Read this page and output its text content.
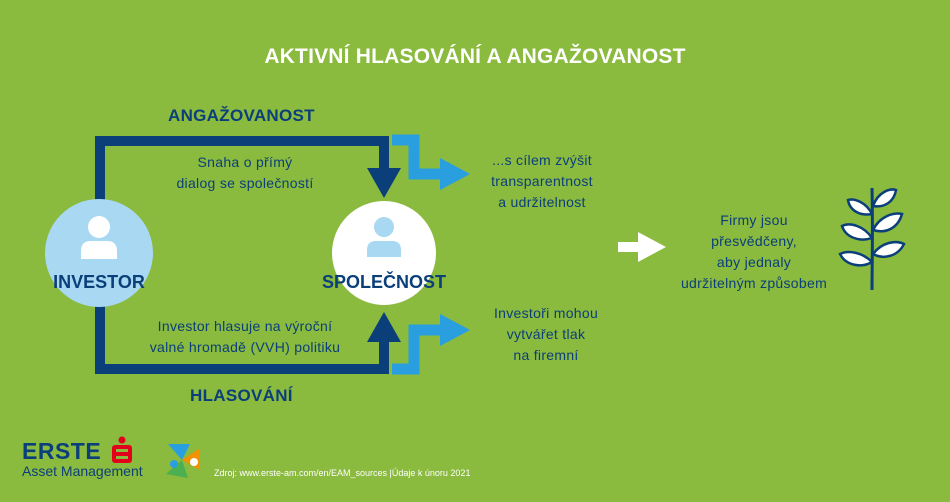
AKTIVNÍ HLASOVÁNÍ A ANGAŽOVANOST
ANGAŽOVANOST
HLASOVÁNÍ
Snaha o přímý
dialog se společností
Investor hlasuje na výroční
valné hromadě (VVH) politiku
INVESTOR	SPOLEČNOST
...s cílem zvýšit
transparentnost
a udržitelnost
Investoři mohou
vytvářet tlak
na firemní
Firmy jsou
přesvědčeny,
aby jednaly
udržitelným způsobem
ERSTE
Asset Management	Zdroj: www.erste-am.com/en/EAM_sources |Údaje k únoru 2021
